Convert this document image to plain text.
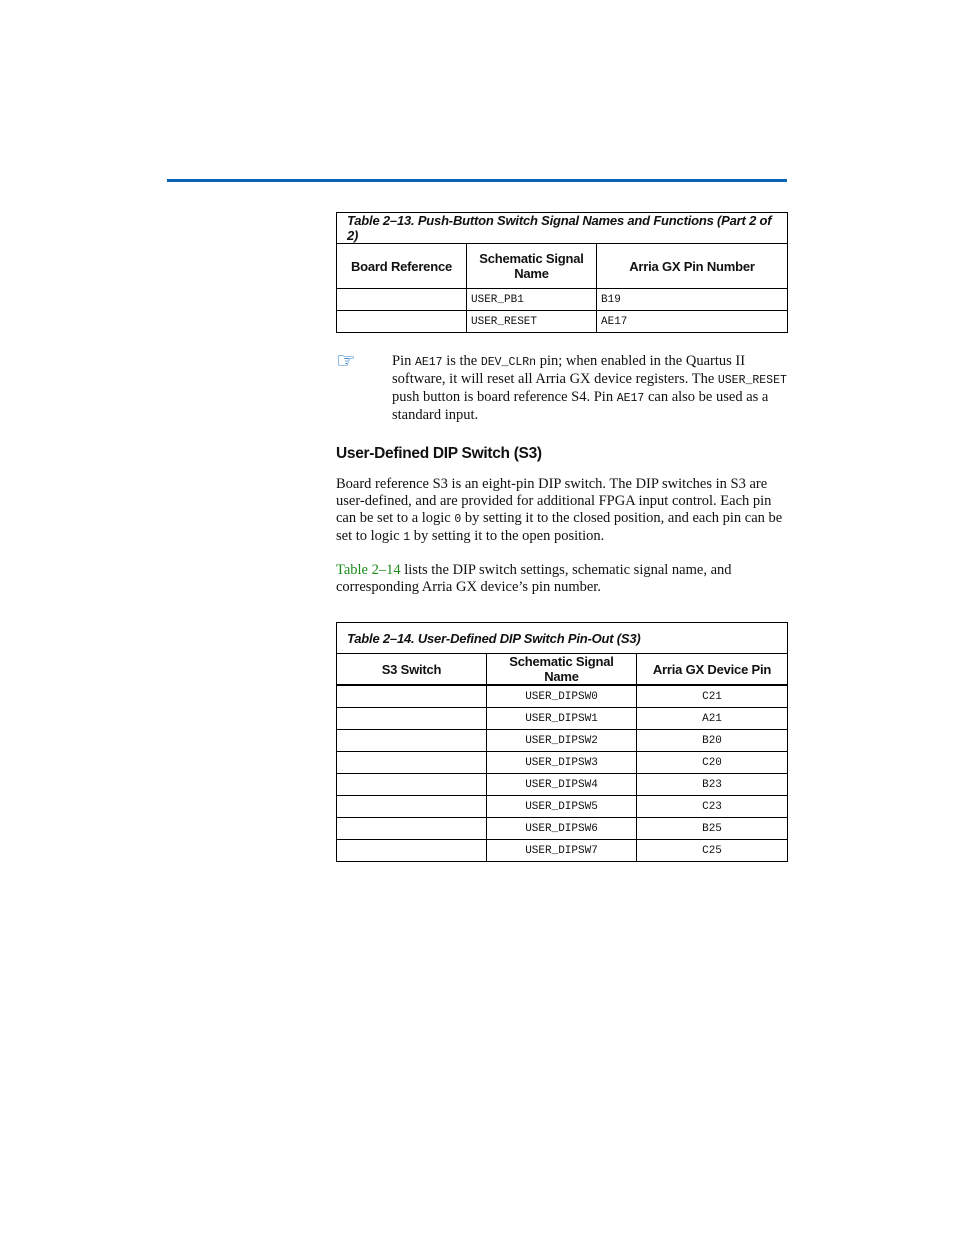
Table 2–13. Push-Button Switch Signal Names and Functions (Part 2 of 2)		
Board Reference	Schematic Signal Name	Arria GX Pin Number
	USER_PB1	B19
	USER_RESET	AE17
☞	Pin AE17 is the DEV_CLRn pin; when enabled in the Quartus II software, it will reset all Arria GX device registers. The USER_RESET push button is board reference S4. Pin AE17 can also be used as a standard input.
User-Defined DIP Switch (S3)
Board reference S3 is an eight-pin DIP switch. The DIP switches in S3 are user-defined, and are provided for additional FPGA input control. Each pin can be set to a logic 0 by setting it to the closed position, and each pin can be set to logic 1 by setting it to the open position.
Table 2–14 lists the DIP switch settings, schematic signal name, and corresponding Arria GX device’s pin number.
Table 2–14. User-Defined DIP Switch Pin-Out (S3)		
S3 Switch	Schematic Signal Name	Arria GX Device Pin
	USER_DIPSW0	C21
	USER_DIPSW1	A21
	USER_DIPSW2	B20
	USER_DIPSW3	C20
	USER_DIPSW4	B23
	USER_DIPSW5	C23
	USER_DIPSW6	B25
	USER_DIPSW7	C25
